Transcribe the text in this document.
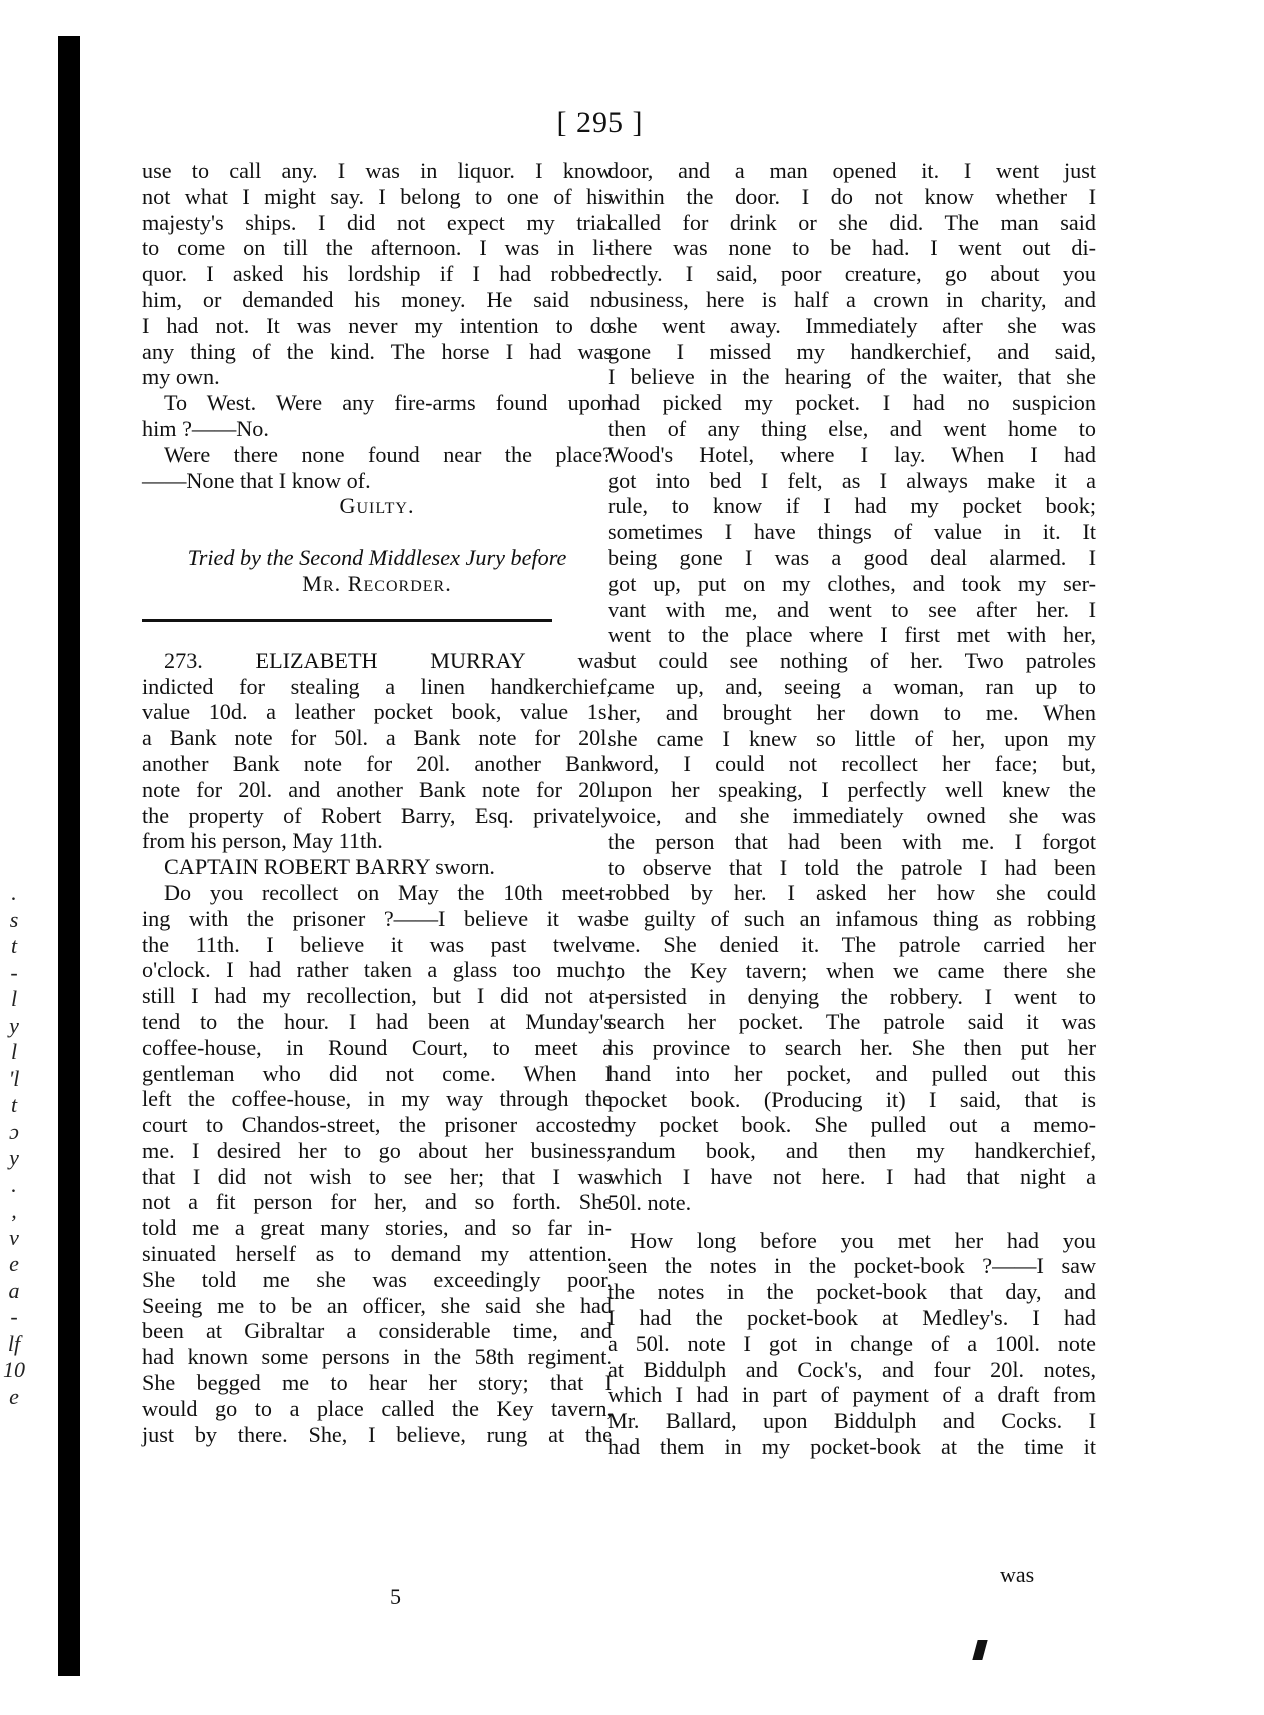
.
s
t
-
l
y
l
'l
t
ɔ
y
.
,
v
e
a
-
lf
10
e
[ 295 ]

use to call any. I was in liquor. I know

not what I might say. I belong to one of his

majesty's ships. I did not expect my trial

to come on till the afternoon. I was in li-

quor. I asked his lordship if I had robbed

him, or demanded his money. He said no

I had not. It was never my intention to do

any thing of the kind. The horse I had was

my own.

To West. Were any fire-arms found upon

him ?——No.

Were there none found near the place?

——None that I know of.

Guilty.

Tried by the Second Middlesex Jury before

Mr. Recorder.

273. ELIZABETH MURRAY was

indicted for stealing a linen handkerchief,

value 10d. a leather pocket book, value 1s.

a Bank note for 50l. a Bank note for 20l.

another Bank note for 20l. another Bank

note for 20l. and another Bank note for 20l.

the property of Robert Barry, Esq. privately

from his person, May 11th.

CAPTAIN ROBERT BARRY sworn.

Do you recollect on May the 10th meet-

ing with the prisoner ?——I believe it was

the 11th. I believe it was past twelve

o'clock. I had rather taken a glass too much;

still I had my recollection, but I did not at-

tend to the hour. I had been at Munday's

coffee-house, in Round Court, to meet a

gentleman who did not come. When I

left the coffee-house, in my way through the

court to Chandos-street, the prisoner accosted

me. I desired her to go about her business;

that I did not wish to see her; that I was

not a fit person for her, and so forth. She

told me a great many stories, and so far in-

sinuated herself as to demand my attention.

She told me she was exceedingly poor.

Seeing me to be an officer, she said she had

been at Gibraltar a considerable time, and

had known some persons in the 58th regiment.

She begged me to hear her story; that I

would go to a place called the Key tavern,

just by there. She, I believe, rung at the

door, and a man opened it. I went just

within the door. I do not know whether I

called for drink or she did. The man said

there was none to be had. I went out di-

rectly. I said, poor creature, go about you

business, here is half a crown in charity, and

she went away. Immediately after she was

gone I missed my handkerchief, and said,

I believe in the hearing of the waiter, that she

had picked my pocket. I had no suspicion

then of any thing else, and went home to

Wood's Hotel, where I lay. When I had

got into bed I felt, as I always make it a

rule, to know if I had my pocket book;

sometimes I have things of value in it. It

being gone I was a good deal alarmed. I

got up, put on my clothes, and took my ser-

vant with me, and went to see after her. I

went to the place where I first met with her,

but could see nothing of her. Two patroles

came up, and, seeing a woman, ran up to

her, and brought her down to me. When

she came I knew so little of her, upon my

word, I could not recollect her face; but,

upon her speaking, I perfectly well knew the

voice, and she immediately owned she was

the person that had been with me. I forgot

to observe that I told the patrole I had been

robbed by her. I asked her how she could

be guilty of such an infamous thing as robbing

me. She denied it. The patrole carried her

to the Key tavern; when we came there she

persisted in denying the robbery. I went to

search her pocket. The patrole said it was

his province to search her. She then put her

hand into her pocket, and pulled out this

pocket book. (Producing it) I said, that is

my pocket book. She pulled out a memo-

randum book, and then my handkerchief,

which I have not here. I had that night a

50l. note.

How long before you met her had you

seen the notes in the pocket-book ?——I saw

the notes in the pocket-book that day, and

I had the pocket-book at Medley's. I had

a 50l. note I got in change of a 100l. note

at Biddulph and Cock's, and four 20l. notes,

which I had in part of payment of a draft from

Mr. Ballard, upon Biddulph and Cocks. I

had them in my pocket-book at the time it

was
5
